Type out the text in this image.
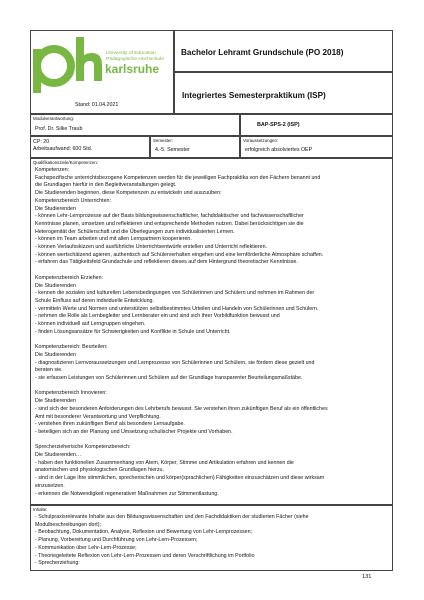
University of Education
Pädagogische Hochschule
karlsruhe
Stand: 01.04.2021
Bachelor Lehramt Grundschule (PO 2018)
Integriertes Semesterpraktikum (ISP)
Modulverantwortung:
Prof. Dr. Silke Traub
BAP-SPS-2 (ISP)
CP: 20
Arbeitsaufwand: 600 Std.
Semester:
4.-5. Semester
Voraussetzungen:
erfolgreich absolviertes OEP
Qualifikationsziele/Kompetenzen:
Kompetenzen:
Fachspezifische unterrichtsbezogene Kompetenzen werden für die jeweiligen Fachpraktika von den Fächern benannt und
die Grundlagen hierfür in den Begleitveranstaltungen gelegt.
Die Studierenden beginnen, diese Kompetenzen zu entwickeln und auszuüben:
Kompetenzbereich Unterrichten:
Die Studierenden
- können Lehr-Lernprozesse auf der Basis bildungswissenschaftlicher, fachdidaktischer und fachwissenschaftlicher
Kenntnisse planen, umsetzen und reflektieren und entsprechende Methoden nutzen. Dabei berücksichtigen sie die
Heterogenität der Schülerschaft und die Überlegungen zum individualisierten Lernen.
- können im Team arbeiten und mit allen Lernpartnern kooperieren.
- können Verlaufsskizzen und ausführliche Unterrichtsentwürfe erstellen und Unterricht reflektieren.
- können wertschätzend agieren, authentisch auf Schülerverhalten eingehen und eine lernförderliche Atmosphäre schaffen.
- erfahren das Tätigkeitsfeld Grundschule und reflektieren dieses auf dem Hintergrund theoretischer Kenntnisse.

Kompetenzbereich Erziehen:
Die Studierenden
- kennen die sozialen und kulturellen Lebensbedingungen von Schülerinnen und Schülern und nehmen im Rahmen der
Schule Einfluss auf deren individuelle Entwicklung.
- vermitteln Werte und Normen und unterstützen selbstbestimmtes Urteilen und Handeln von Schülerinnen und Schülern.
- nehmen die Rolle als Lernbegleiter und Lernberater ein und sind sich ihrer Vorbildfunktion bewusst und
- können individuell auf Lerngruppen eingehen.
- finden Lösungsansätze für Schwierigkeiten und Konflikte in Schule und Unterricht.

Kompetenzbereich: Beurteilen:
Die Studierenden
- diagnostizieren Lernvoraussetzungen und Lernprozesse von Schülerinnen und Schülern, sie fördern diese gezielt und
beraten sie.
- sie erfassen Leistungen von Schülerinnen und Schülern auf der Grundlage transparenter Beurteilungsmaßstäbe.

Kompetenzbereich Innovieren:
Die Studierenden
- sind sich der besonderen Anforderungen des Lehrberufs bewusst. Sie verstehen ihren zukünftigen Beruf als ein öffentliches
Amt mit besonderer Verantwortung und Verpflichtung.
- verstehen ihren zukünftigen Beruf als besondere Lernaufgabe.
- beteiligen sich an der Planung und Umsetzung schulischer Projekte und Vorhaben.

Sprecherzieherische Kompetenzbereich:
Die Studierenden…
- haben den funktionellen Zusammenhang von Atem, Körper, Stimme und Artikulation erfahren und kennen die
anatomischen und physiologischen Grundlagen hierzu.
- sind in der Lage ihre stimmlichen, sprecherischen und körper(sprachlichen) Fähigkeiten einzuschätzen und diese wirksam
einzusetzen.
- erkennen die Notwendigkeit regenerativer Maßnahmen zur Stimmentlastung.
Inhalte:
- Schulpraxisrelevante Inhalte aus den Bildungswissenschaften und den Fachdidaktiken der studierten Fächer (siehe
Modulbeschreibungen dort);
- Beobachtung, Dokumentation, Analyse, Reflexion und Bewertung von Lehr-Lernprozessen;
- Planung, Vorbereitung und Durchführung von Lehr-Lern-Prozessen;
- Kommunikation über Lehr-Lern-Prozesse;
- Theoriegeleitete Reflexion von Lehr-Lern-Prozessen und deren Verschriftlichung im Portfolio
- Sprecherziehung:
131
